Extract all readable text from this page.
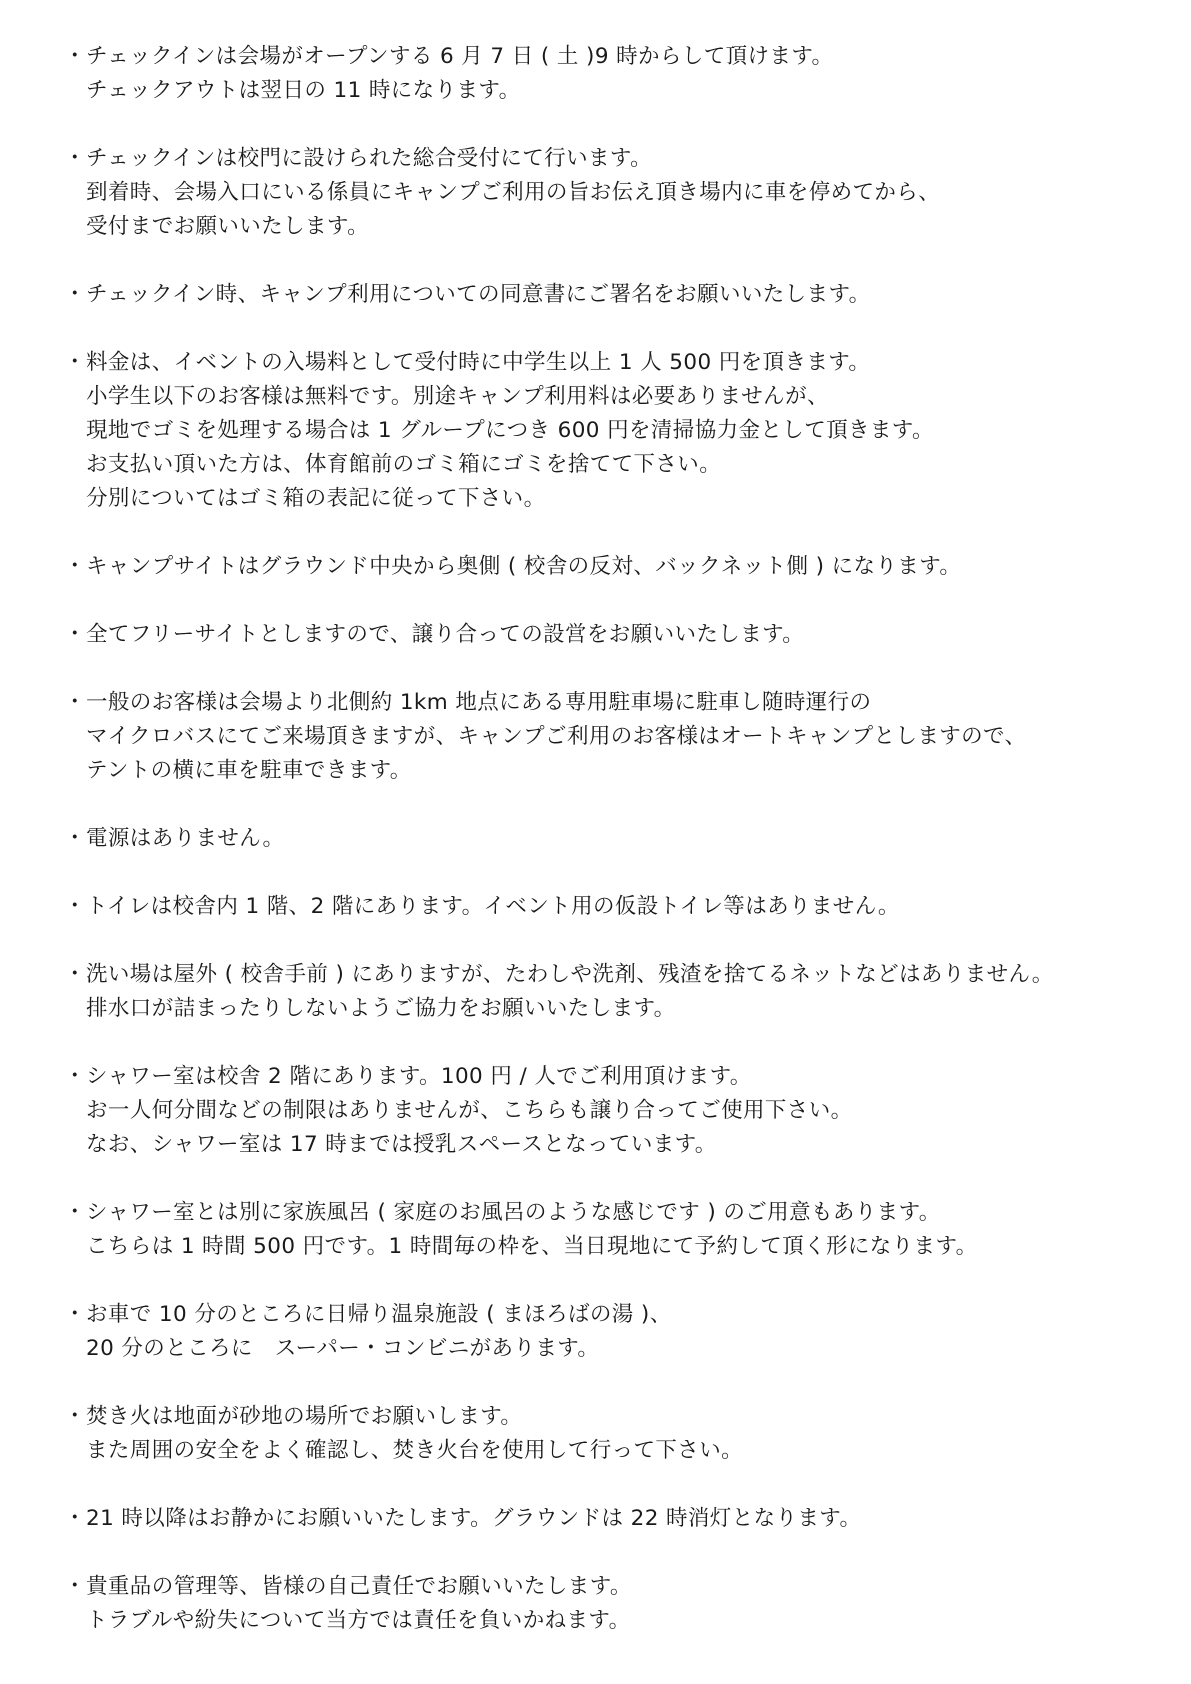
・ チェックインは会場がオープンする 6 月 7 日 ( 土 )9 時からして頂けます。
チェックアウトは翌日の 11 時になります。
・ チェックインは校門に設けられた総合受付にて行います。
到着時、会場入口にいる係員にキャンプご利用の旨お伝え頂き場内に車を停めてから、
受付までお願いいたします。
・ チェックイン時、キャンプ利用についての同意書にご署名をお願いいたします。
・ 料金は、イベントの入場料として受付時に中学生以上 1 人 500 円を頂きます。
小学生以下のお客様は無料です。別途キャンプ利用料は必要ありませんが、
現地でゴミを処理する場合は 1 グループにつき 600 円を清掃協力金として頂きます。
お支払い頂いた方は、体育館前のゴミ箱にゴミを捨てて下さい。
分別についてはゴミ箱の表記に従って下さい。
・ キャンプサイトはグラウンド中央から奥側 ( 校舎の反対、バックネット側 ) になります。
・ 全てフリーサイトとしますので、譲り合っての設営をお願いいたします。
・ 一般のお客様は会場より北側約 1km 地点にある専用駐車場に駐車し随時運行の
マイクロバスにてご来場頂きますが、キャンプご利用のお客様はオートキャンプとしますので、
テントの横に車を駐車できます。
・ 電源はありません。
・ トイレは校舎内 1 階、2 階にあります。イベント用の仮設トイレ等はありません。
・ 洗い場は屋外 ( 校舎手前 ) にありますが、たわしや洗剤、残渣を捨てるネットなどはありません。
排水口が詰まったりしないようご協力をお願いいたします。
・ シャワー室は校舎 2 階にあります。100 円 / 人でご利用頂けます。
お一人何分間などの制限はありませんが、こちらも譲り合ってご使用下さい。
なお、シャワー室は 17 時までは授乳スペースとなっています。
・ シャワー室とは別に家族風呂 ( 家庭のお風呂のような感じです ) のご用意もあります。
こちらは 1 時間 500 円です。1 時間毎の枠を、当日現地にて予約して頂く形になります。
・ お車で 10 分のところに日帰り温泉施設 ( まほろばの湯 )、
20 分のところに　スーパー・コンビニがあります。
・ 焚き火は地面が砂地の場所でお願いします。
また周囲の安全をよく確認し、焚き火台を使用して行って下さい。
・ 21 時以降はお静かにお願いいたします。グラウンドは 22 時消灯となります。
・ 貴重品の管理等、皆様の自己責任でお願いいたします。
トラブルや紛失について当方では責任を負いかねます。
